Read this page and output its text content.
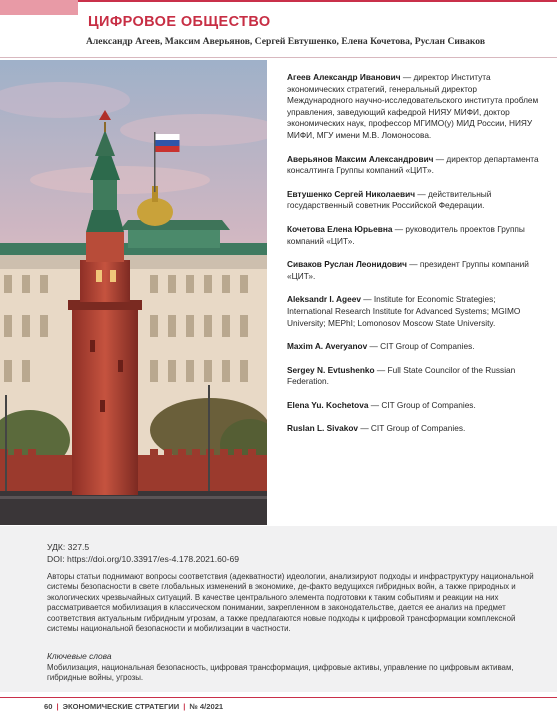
ЦИФРОВОЕ ОБЩЕСТВО
Александр Агеев, Максим Аверьянов, Сергей Евтушенко, Елена Кочетова, Руслан Сиваков

Агеев Александр Иванович — директор Института экономических стратегий, генеральный директор Международного научно-исследовательского института проблем управления, заведующий кафедрой НИЯУ МИФИ, доктор экономических наук, профессор МГИМО(у) МИД России, НИЯУ МИФИ, МГУ имени М.В. Ломоносова.

Аверьянов Максим Александрович — директор департамента консалтинга Группы компаний «ЦИТ».

Евтушенко Сергей Николаевич — действительный государственный советник Российской Федерации.

Кочетова Елена Юрьевна — руководитель проектов Группы компаний «ЦИТ».

Сиваков Руслан Леонидович — президент Группы компаний «ЦИТ».

Aleksandr I. Ageev — Institute for Economic Strategies; International Research Institute for Advanced Systems; MGIMO University; MEPhI; Lomonosov Moscow State University.

Maxim A. Averyanov — CIT Group of Companies.

Sergey N. Evtushenko — Full State Councilor of the Russian Federation.

Elena Yu. Kochetova — CIT Group of Companies.

Ruslan L. Sivakov — CIT Group of Companies.

УДК: 327.5
DOI: https://doi.org/10.33917/es-4.178.2021.60-69
Авторы статьи поднимают вопросы соответствия (адекватности) идеологии, анализируют подходы и инфраструктуру национальной системы безопасности в свете глобальных изменений в экономике, де-факто ведущихся гибридных войн, а также природных и экологических чрезвычайных ситуаций. В качестве центрального элемента подготовки к таким событиям и реакции на них рассматривается мобилизация в классическом понимании, закрепленном в законодательстве, дается ее анализ на предмет соответствия актуальным гибридным угрозам, а также предлагаются новые подходы к цифровой трансформации комплексной системы национальной безопасности и мобилизации в частности.
Ключевые слова
Мобилизация, национальная безопасность, цифровая трансформация, цифровые активы, управление по цифровым активам, гибридные войны, угрозы.
60 | ЭКОНОМИЧЕСКИЕ СТРАТЕГИИ | № 4/2021
